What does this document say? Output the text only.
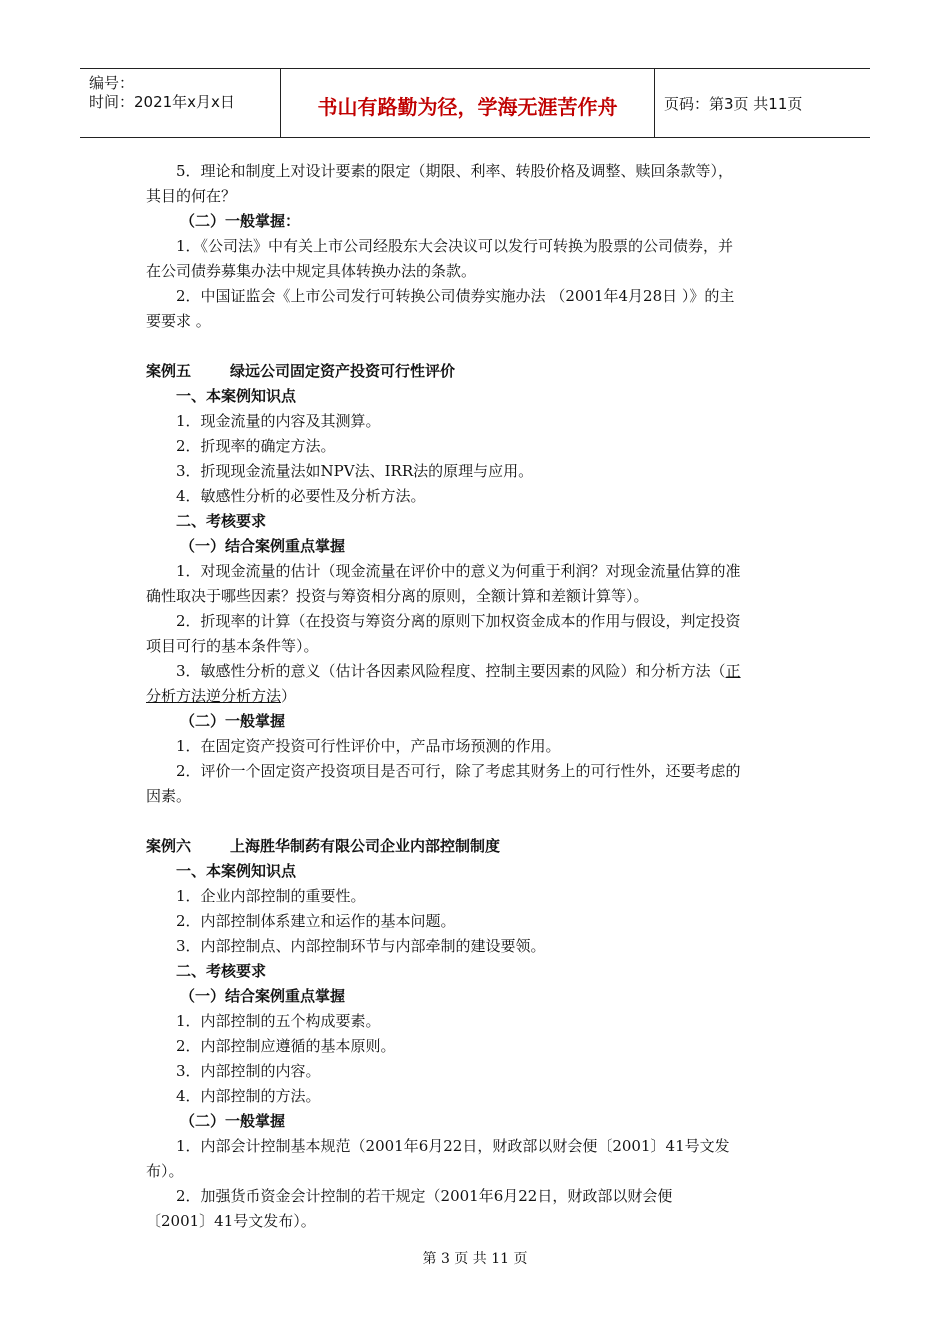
编号：
时间：2021年x月x日	书山有路勤为径，学海无涯苦作舟	页码：第3页 共11页
5．理论和制度上对设计要素的限定（期限、利率、转股价格及调整、赎回条款等），
其目的何在？
（二）一般掌握：
1．《公司法》中有关上市公司经股东大会决议可以发行可转换为股票的公司债券，并
在公司债券募集办法中规定具体转换办法的条款。
2．中国证监会《上市公司发行可转换公司债券实施办法 （2001年4月28日 ）》的主
要要求 。
案例五	绿远公司固定资产投资可行性评价
一、本案例知识点
1．现金流量的内容及其测算。
2．折现率的确定方法。
3．折现现金流量法如NPV法、IRR法的原理与应用。
4．敏感性分析的必要性及分析方法。
二、考核要求
（一）结合案例重点掌握
1．对现金流量的估计（现金流量在评价中的意义为何重于利润？对现金流量估算的准
确性取决于哪些因素？投资与筹资相分离的原则，全额计算和差额计算等）。
2．折现率的计算（在投资与筹资分离的原则下加权资金成本的作用与假设，判定投资
项目可行的基本条件等）。
3．敏感性分析的意义（估计各因素风险程度、控制主要因素的风险）和分析方法（正
分析方法逆分析方法）
（二）一般掌握
1．在固定资产投资可行性评价中，产品市场预测的作用。
2．评价一个固定资产投资项目是否可行，除了考虑其财务上的可行性外，还要考虑的
因素。
案例六	上海胜华制药有限公司企业内部控制制度
一、本案例知识点
1．企业内部控制的重要性。
2．内部控制体系建立和运作的基本问题。
3．内部控制点、内部控制环节与内部牵制的建设要领。
二、考核要求
（一）结合案例重点掌握
1．内部控制的五个构成要素。
2．内部控制应遵循的基本原则。
3．内部控制的内容。
4．内部控制的方法。
（二）一般掌握
1．内部会计控制基本规范（2001年6月22日，财政部以财会便〔2001〕41号文发
布）。
2．加强货币资金会计控制的若干规定（2001年6月22日，财政部以财会便
〔2001〕41号文发布）。
第 3 页 共 11 页
